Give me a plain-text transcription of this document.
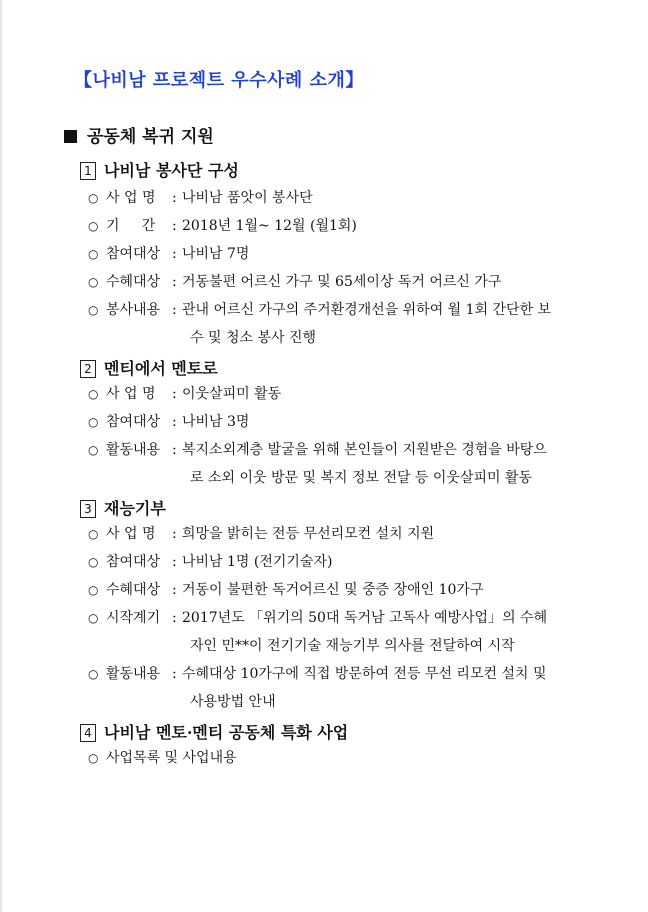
【나비남 프로젝트 우수사례 소개】
공동체 복귀 지원
1 나비남 봉사단 구성
○ 사 업 명 : 나비남 품앗이 봉사단
○ 기     간 : 2018년 1월~ 12월 (월1회)
○ 참여대상 : 나비남 7명
○ 수혜대상 : 거동불편 어르신 가구 및 65세이상 독거 어르신 가구
○ 봉사내용 : 관내 어르신 가구의 주거환경개선을 위하여 월 1회 간단한 보
수 및 청소 봉사 진행
2 멘티에서 멘토로
○ 사 업 명 : 이웃살피미 활동
○ 참여대상 : 나비남 3명
○ 활동내용 : 복지소외계층 발굴을 위해 본인들이 지원받은 경험을 바탕으
로 소외 이웃 방문 및 복지 정보 전달 등 이웃살피미 활동
3 재능기부
○ 사 업 명 : 희망을 밝히는 전등 무선리모컨 설치 지원
○ 참여대상 : 나비남 1명 (전기기술자)
○ 수혜대상 : 거동이 불편한 독거어르신 및 중증 장애인 10가구
○ 시작계기 : 2017년도 「위기의 50대 독거남 고독사 예방사업」의 수혜
자인 민**이 전기기술 재능기부 의사를 전달하여 시작
○ 활동내용 : 수혜대상 10가구에 직접 방문하여 전등 무선 리모컨 설치 및
사용방법 안내
4 나비남 멘토·멘티 공동체 특화 사업
○ 사업목록 및 사업내용
